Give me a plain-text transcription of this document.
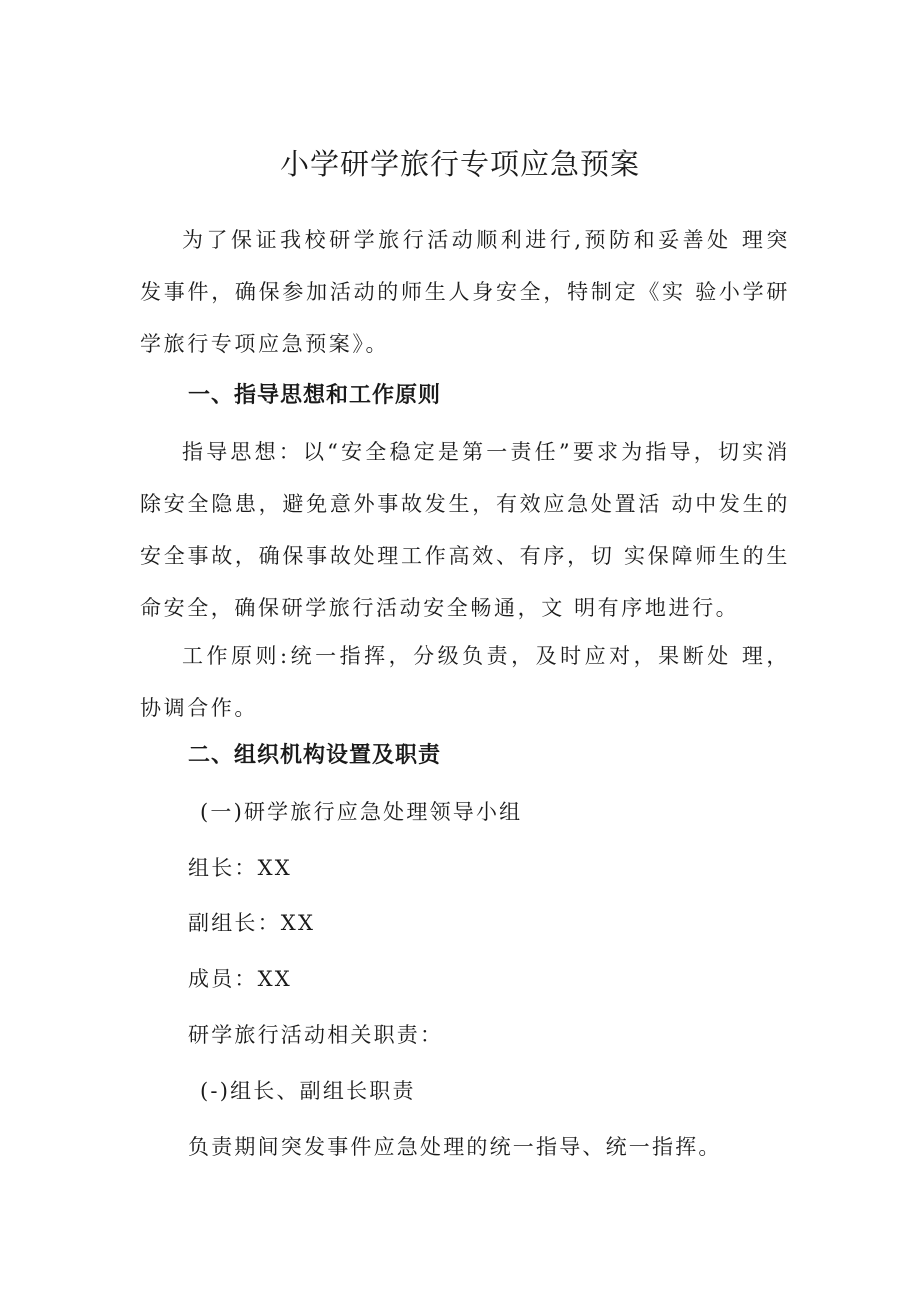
小学研学旅行专项应急预案

为了保证我校研学旅行活动顺利进行,预防和妥善处 理突发事件，确保参加活动的师生人身安全，特制定《实 验小学研学旅行专项应急预案》。

一、指导思想和工作原则

指导思想：以“安全稳定是第一责任”要求为指导，切实消除安全隐患，避免意外事故发生，有效应急处置活 动中发生的安全事故，确保事故处理工作高效、有序，切 实保障师生的生命安全，确保研学旅行活动安全畅通，文 明有序地进行。

工作原则:统一指挥，分级负责，及时应对，果断处 理，协调合作。

二、组织机构设置及职责

(一)研学旅行应急处理领导小组

组长：XX

副组长：XX

成员：XX

研学旅行活动相关职责：

(-)组长、副组长职责

负责期间突发事件应急处理的统一指导、统一指挥。
